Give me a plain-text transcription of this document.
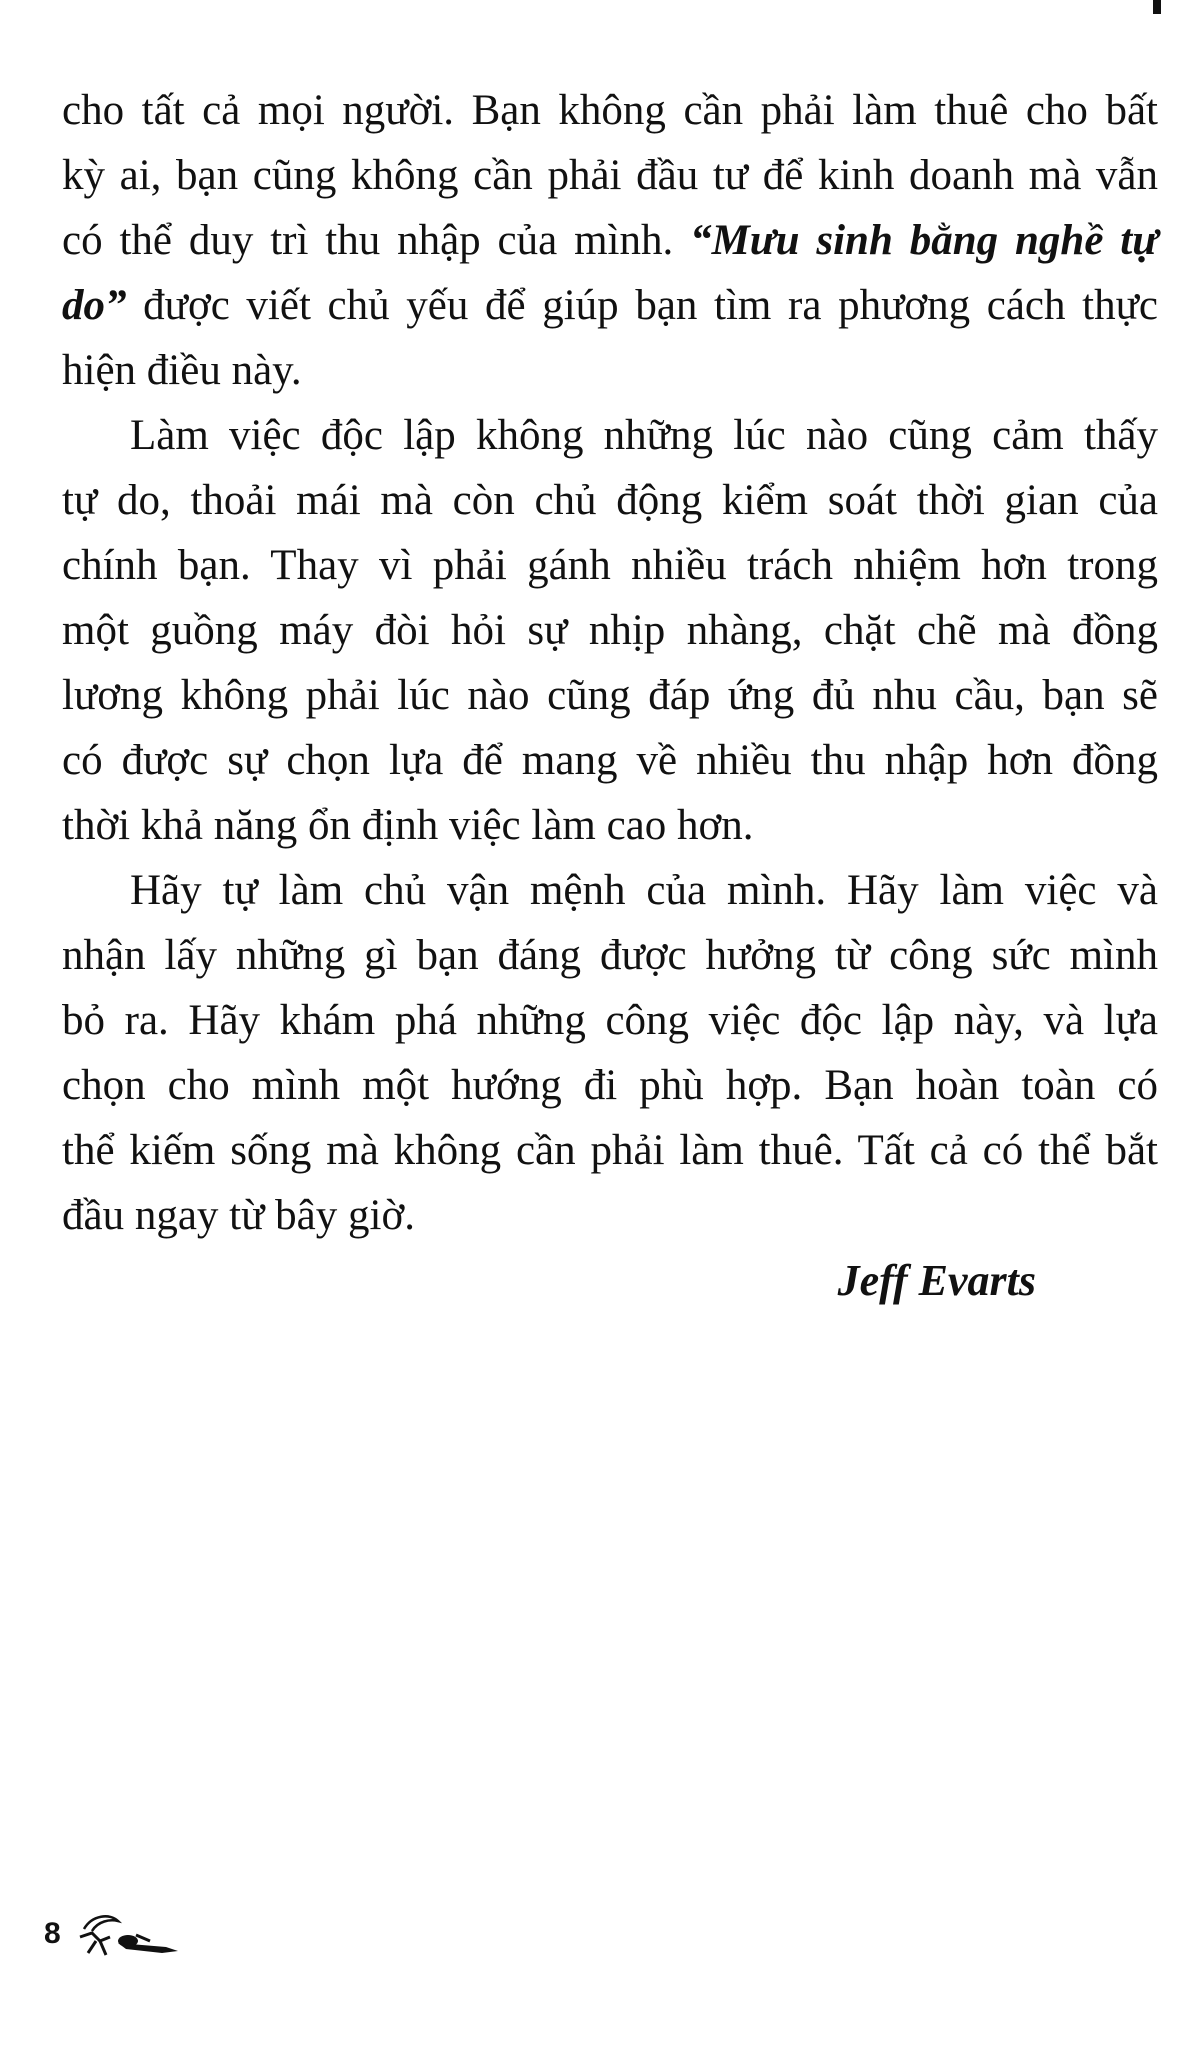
cho tất cả mọi người. Bạn không cần phải làm thuê cho bất
kỳ ai, bạn cũng không cần phải đầu tư để kinh doanh mà vẫn
có thể duy trì thu nhập của mình. “Mưu sinh bằng nghề tự
do” được viết chủ yếu để giúp bạn tìm ra phương cách thực
hiện điều này.
Làm việc độc lập không những lúc nào cũng cảm thấy
tự do, thoải mái mà còn chủ động kiểm soát thời gian của
chính bạn. Thay vì phải gánh nhiều trách nhiệm hơn trong
một guồng máy đòi hỏi sự nhịp nhàng, chặt chẽ mà đồng
lương không phải lúc nào cũng đáp ứng đủ nhu cầu, bạn sẽ
có được sự chọn lựa để mang về nhiều thu nhập hơn đồng
thời khả năng ổn định việc làm cao hơn.
Hãy tự làm chủ vận mệnh của mình. Hãy làm việc và
nhận lấy những gì bạn đáng được hưởng từ công sức mình
bỏ ra. Hãy khám phá những công việc độc lập này, và lựa
chọn cho mình một hướng đi phù hợp. Bạn hoàn toàn có
thể kiếm sống mà không cần phải làm thuê. Tất cả có thể bắt
đầu ngay từ bây giờ.
Jeff Evarts
8
